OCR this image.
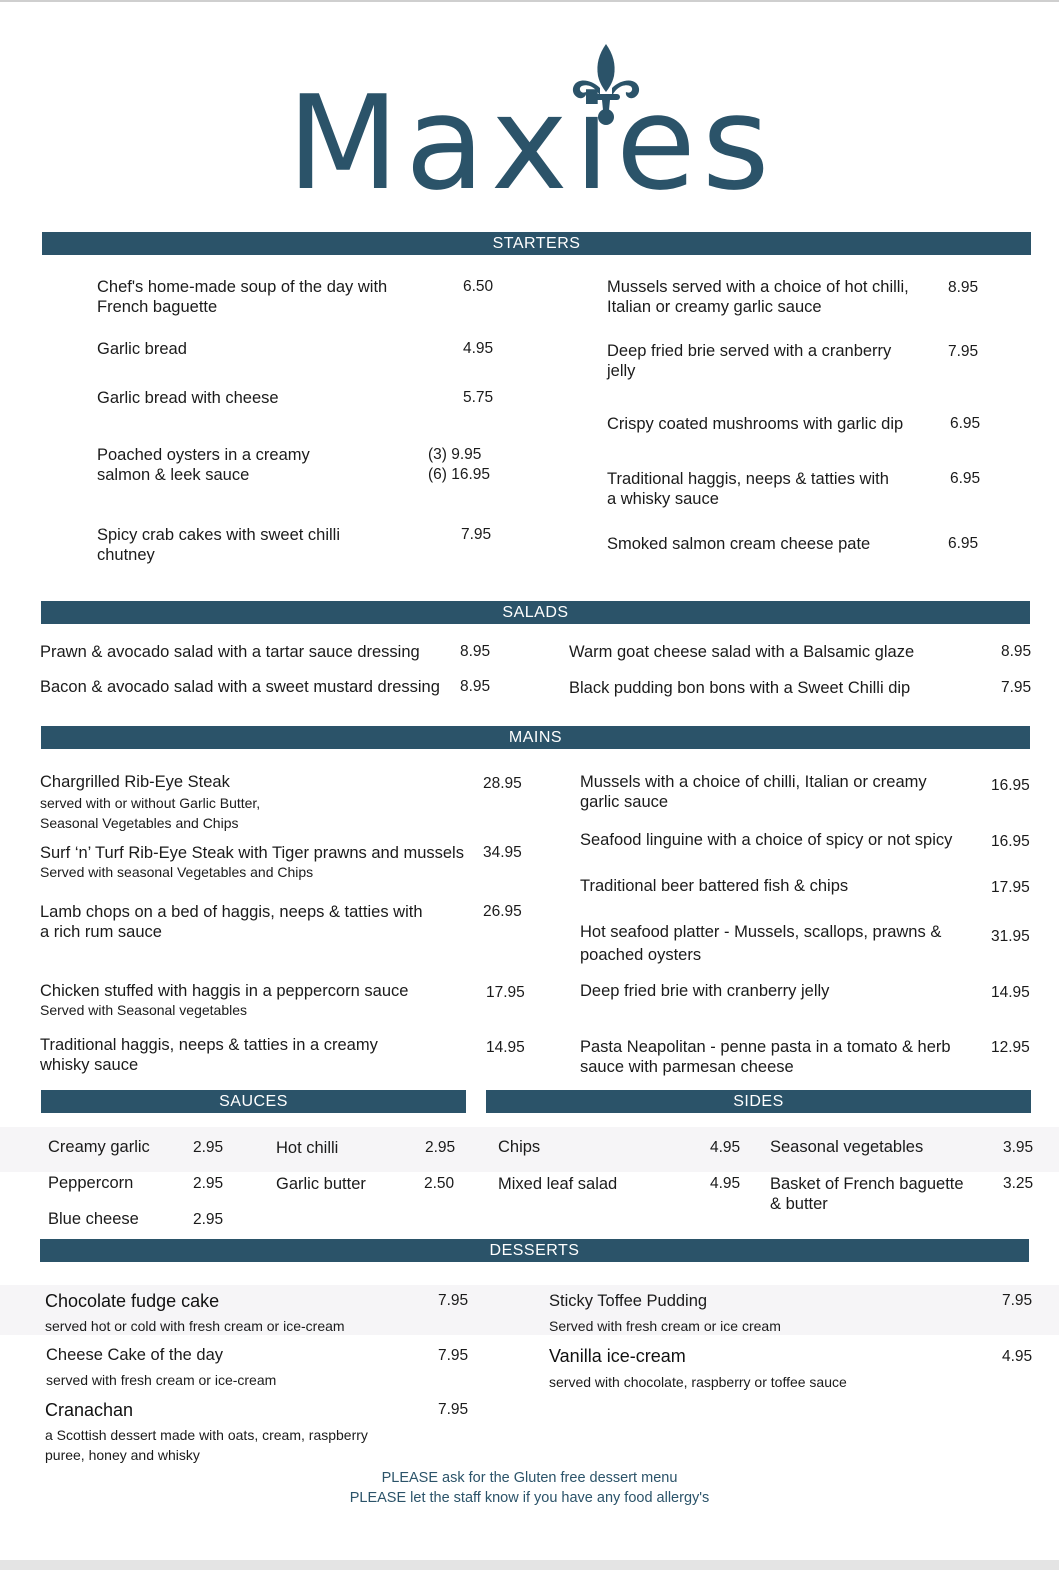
Maxies
STARTERS
Chef's home-made soup of the day with
French baguette
6.50
Garlic bread	4.95
Garlic bread with cheese	5.75
Poached oysters in a creamy
salmon & leek sauce
(3) 9.95
(6) 16.95
Spicy crab cakes with sweet chilli
chutney
7.95
Mussels served with a choice of hot chilli,
Italian or creamy garlic sauce
8.95
Deep fried brie served with a cranberry
jelly
7.95
Crispy coated mushrooms with garlic dip	6.95
Traditional haggis, neeps & tatties with
a whisky sauce
6.95
Smoked salmon cream cheese pate	6.95
SALADS
Prawn & avocado salad with a tartar sauce dressing	8.95
Bacon & avocado salad with a sweet mustard dressing 8.95
Warm goat cheese salad with a Balsamic glaze	8.95
Black pudding bon bons with a Sweet Chilli dip	7.95
MAINS
Chargrilled Rib-Eye Steak
served with or without Garlic Butter,
Seasonal Vegetables and Chips
28.95
Surf ‘n’ Turf Rib-Eye Steak with Tiger prawns and mussels
Served with seasonal Vegetables and Chips
34.95
Lamb chops on a bed of haggis, neeps & tatties with
a rich rum sauce
26.95
Chicken stuffed with haggis in a peppercorn sauce
Served with Seasonal vegetables
17.95
Traditional haggis, neeps & tatties in a creamy
whisky sauce
14.95
Mussels with a choice of chilli, Italian or creamy
garlic sauce
16.95
Seafood linguine with a choice of spicy or not spicy 16.95
Traditional beer battered fish & chips	17.95
Hot seafood platter - Mussels, scallops, prawns &
poached oysters
31.95
Deep fried brie with cranberry jelly	14.95
Pasta Neapolitan - penne pasta in a tomato & herb
sauce with parmesan cheese
12.95
SAUCES	SIDES
Creamy garlic	2.95	Hot chilli	2.95
Peppercorn	2.95	Garlic butter	2.50
Blue cheese	2.95
Chips	4.95 Seasonal vegetables	3.95
Mixed leaf salad	4.95 Basket of French baguette
& butter
3.25
DESSERTS
Chocolate fudge cake
served hot or cold with fresh cream or ice-cream
7.95
Cheese Cake of the day
served with fresh cream or ice-cream
7.95
Cranachan
a Scottish dessert made with oats, cream, raspberry
puree, honey and whisky
7.95
Sticky Toffee Pudding
Served with fresh cream or ice cream
7.95
Vanilla ice-cream
served with chocolate, raspberry or toffee sauce
4.95
PLEASE ask for the Gluten free dessert menu
PLEASE let the staff know if you have any food allergy's
